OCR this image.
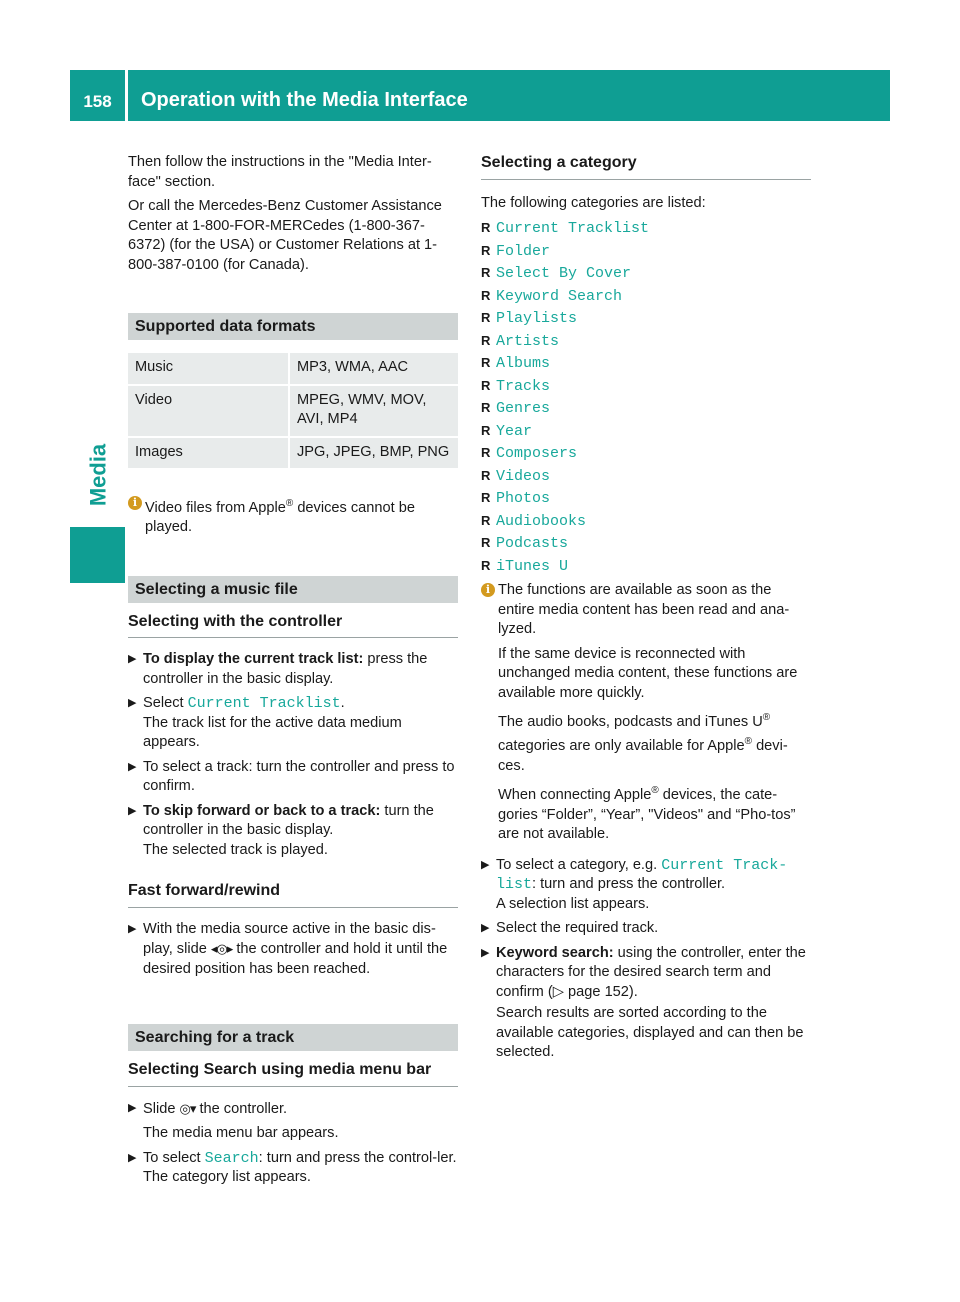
158	Operation with the Media Interface
Media

Then follow the instructions in the "Media Inter-face" section.

Or call the Mercedes-Benz Customer Assistance Center at 1-800-FOR-MERCedes (1-800-367-6372) (for the USA) or Customer Relations at 1-800-387-0100 (for Canada).

Supported data formats
Music	MP3, WMA, AAC
Video	MPEG, WMV, MOV, AVI, MP4
Images	JPG, JPEG, BMP, PNG
i Video files from Apple® devices cannot be played.
Selecting a music file
Selecting with the controller
▶ To display the current track list: press the controller in the basic display.
▶ Select Current Tracklist.
The track list for the active data medium appears.
▶ To select a track: turn the controller and press to confirm.
▶ To skip forward or back to a track: turn the controller in the basic display.
The selected track is played.
Fast forward/rewind
▶ With the media source active in the basic dis-play, slide ◂◎▸ the controller and hold it until the desired position has been reached.
Searching for a track
Selecting Search using media menu bar
▶ Slide ◎▾ the controller.

The media menu bar appears.

▶ To select Search: turn and press the control-ler.
The category list appears.
Selecting a category

The following categories are listed:

R Current Tracklist
R Folder
R Select By Cover
R Keyword Search
R Playlists
R Artists
R Albums
R Tracks
R Genres
R Year
R Composers
R Videos
R Photos
R Audiobooks
R Podcasts
R iTunes U
i The functions are available as soon as the entire media content has been read and ana-lyzed.

If the same device is reconnected with unchanged media content, these functions are available more quickly.

The audio books, podcasts and iTunes U® categories are only available for Apple® devi-ces.

When connecting Apple® devices, the cate-gories “Folder”, “Year”, "Videos" and “Pho-tos” are not available.

▶ To select a category, e.g. Current Track-list: turn and press the controller.
A selection list appears.
▶ Select the required track.
▶ Keyword search: using the controller, enter the characters for the desired search term and confirm (▷ page 152).

Search results are sorted according to the available categories, displayed and can then be selected.
